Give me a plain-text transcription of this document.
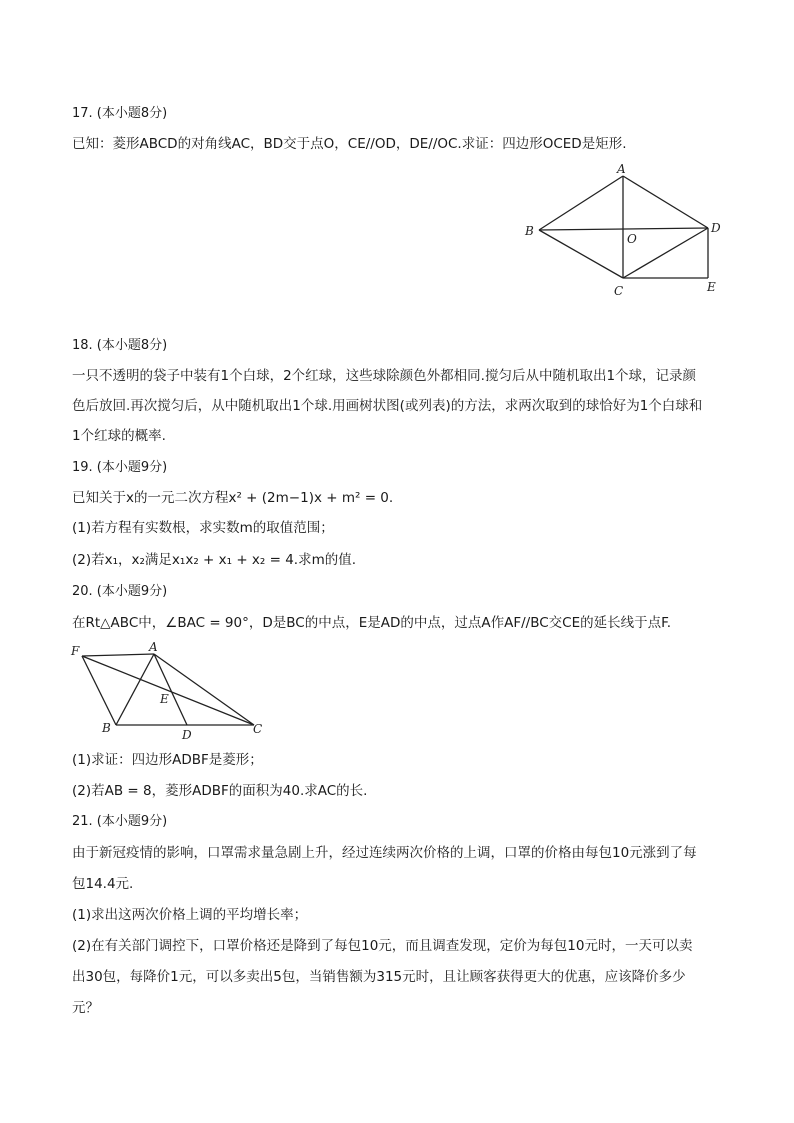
17. (本小题8分)
已知：菱形ABCD的对角线AC，BD交于点O，CE//OD，DE//OC.求证：四边形OCED是矩形.
A
B
C
D
E
O
18. (本小题8分)
一只不透明的袋子中装有1个白球，2个红球，这些球除颜色外都相同.搅匀后从中随机取出1个球，记录颜
色后放回.再次搅匀后，从中随机取出1个球.用画树状图(或列表)的方法，求两次取到的球恰好为1个白球和
1个红球的概率.
19. (本小题9分)
已知关于x的一元二次方程x² + (2m−1)x + m² = 0.
(1)若方程有实数根，求实数m的取值范围；
(2)若x₁，x₂满足x₁x₂ + x₁ + x₂ = 4.求m的值.
20. (本小题9分)
在Rt△ABC中，∠BAC = 90°，D是BC的中点，E是AD的中点，过点A作AF//BC交CE的延长线于点F.
F	A
E
B	D	C
(1)求证：四边形ADBF是菱形；
(2)若AB = 8，菱形ADBF的面积为40.求AC的长.
21. (本小题9分)
由于新冠疫情的影响，口罩需求量急剧上升，经过连续两次价格的上调，口罩的价格由每包10元涨到了每
包14.4元.
(1)求出这两次价格上调的平均增长率；
(2)在有关部门调控下，口罩价格还是降到了每包10元，而且调查发现，定价为每包10元时，一天可以卖
出30包，每降价1元，可以多卖出5包，当销售额为315元时，且让顾客获得更大的优惠，应该降价多少
元？
